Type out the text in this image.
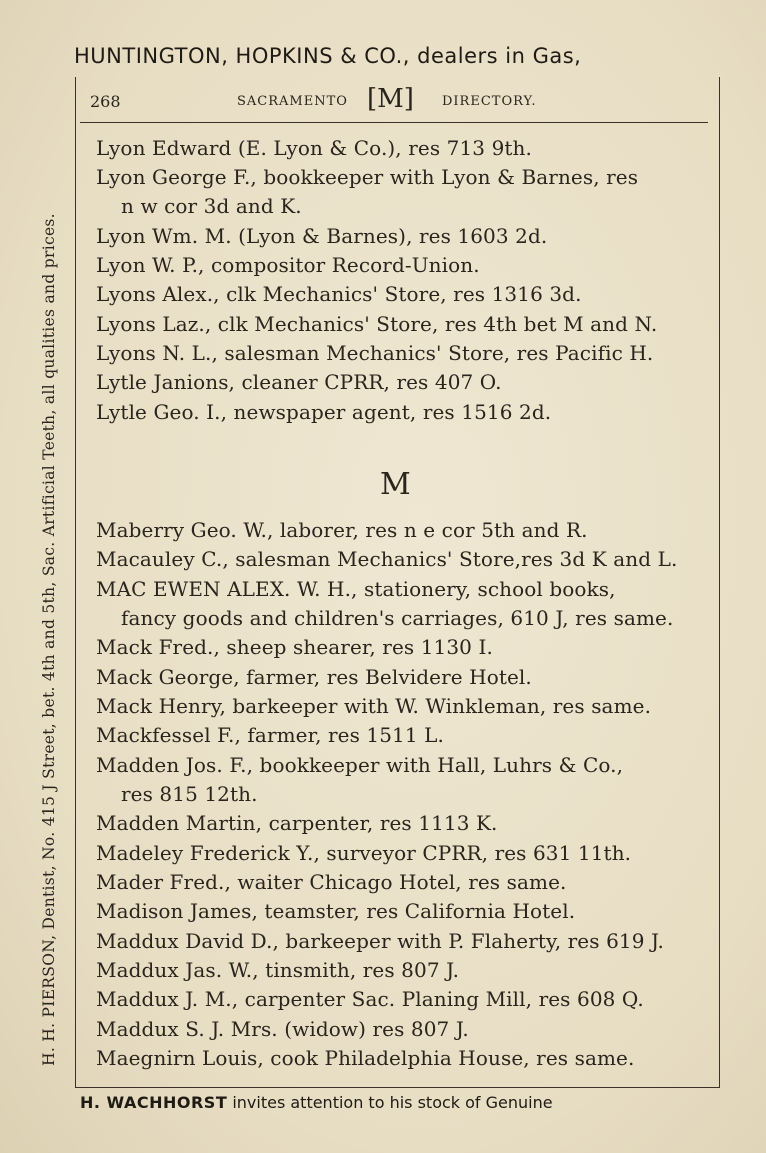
HUNTINGTON, HOPKINS & CO., dealers in Gas,
268	SACRAMENTO [M] DIRECTORY.
Lyon Edward (E. Lyon & Co.), res 713 9th.
Lyon George F., bookkeeper with Lyon & Barnes, res
n w cor 3d and K.
Lyon Wm. M. (Lyon & Barnes), res 1603 2d.
Lyon W. P., compositor Record-Union.
Lyons Alex., clk Mechanics' Store, res 1316 3d.
Lyons Laz., clk Mechanics' Store, res 4th bet M and N.
Lyons N. L., salesman Mechanics' Store, res Pacific H.
Lytle Janions, cleaner CPRR, res 407 O.
Lytle Geo. I., newspaper agent, res 1516 2d.
Maberry Geo. W., laborer, res n e cor 5th and R.
Macauley C., salesman Mechanics' Store,res 3d K and L.
MAC EWEN ALEX. W. H., stationery, school books,
fancy goods and children's carriages, 610 J, res same.
Mack Fred., sheep shearer, res 1130 I.
Mack George, farmer, res Belvidere Hotel.
Mack Henry, barkeeper with W. Winkleman, res same.
Mackfessel F., farmer, res 1511 L.
Madden Jos. F., bookkeeper with Hall, Luhrs & Co.,
res 815 12th.
Madden Martin, carpenter, res 1113 K.
Madeley Frederick Y., surveyor CPRR, res 631 11th.
Mader Fred., waiter Chicago Hotel, res same.
Madison James, teamster, res California Hotel.
Maddux David D., barkeeper with P. Flaherty, res 619 J.
Maddux Jas. W., tinsmith, res 807 J.
Maddux J. M., carpenter Sac. Planing Mill, res 608 Q.
Maddux S. J. Mrs. (widow) res 807 J.
Maegnirn Louis, cook Philadelphia House, res same.
M
H. H. PIERSON, Dentist, No. 415 J Street, bet. 4th and 5th, Sac. Artificial Teeth, all qualities and prices.
H. WACHHORST invites attention to his stock of Genuine
